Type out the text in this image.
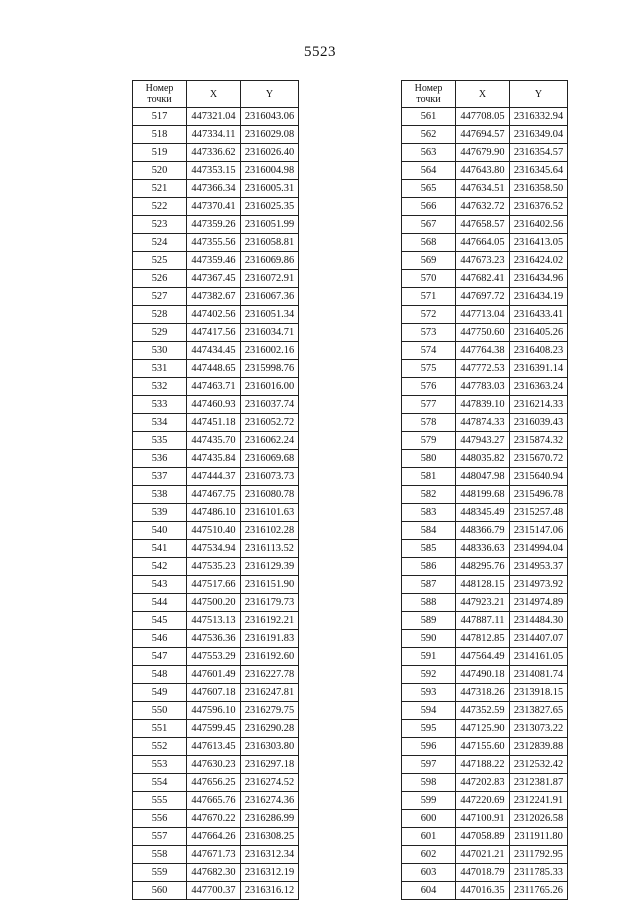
5523
Номер
точки	X	Y
517	447321.04	2316043.06
518	447334.11	2316029.08
519	447336.62	2316026.40
520	447353.15	2316004.98
521	447366.34	2316005.31
522	447370.41	2316025.35
523	447359.26	2316051.99
524	447355.56	2316058.81
525	447359.46	2316069.86
526	447367.45	2316072.91
527	447382.67	2316067.36
528	447402.56	2316051.34
529	447417.56	2316034.71
530	447434.45	2316002.16
531	447448.65	2315998.76
532	447463.71	2316016.00
533	447460.93	2316037.74
534	447451.18	2316052.72
535	447435.70	2316062.24
536	447435.84	2316069.68
537	447444.37	2316073.73
538	447467.75	2316080.78
539	447486.10	2316101.63
540	447510.40	2316102.28
541	447534.94	2316113.52
542	447535.23	2316129.39
543	447517.66	2316151.90
544	447500.20	2316179.73
545	447513.13	2316192.21
546	447536.36	2316191.83
547	447553.29	2316192.60
548	447601.49	2316227.78
549	447607.18	2316247.81
550	447596.10	2316279.75
551	447599.45	2316290.28
552	447613.45	2316303.80
553	447630.23	2316297.18
554	447656.25	2316274.52
555	447665.76	2316274.36
556	447670.22	2316286.99
557	447664.26	2316308.25
558	447671.73	2316312.34
559	447682.30	2316312.19
560	447700.37	2316316.12
Номер
точки	X	Y
561	447708.05	2316332.94
562	447694.57	2316349.04
563	447679.90	2316354.57
564	447643.80	2316345.64
565	447634.51	2316358.50
566	447632.72	2316376.52
567	447658.57	2316402.56
568	447664.05	2316413.05
569	447673.23	2316424.02
570	447682.41	2316434.96
571	447697.72	2316434.19
572	447713.04	2316433.41
573	447750.60	2316405.26
574	447764.38	2316408.23
575	447772.53	2316391.14
576	447783.03	2316363.24
577	447839.10	2316214.33
578	447874.33	2316039.43
579	447943.27	2315874.32
580	448035.82	2315670.72
581	448047.98	2315640.94
582	448199.68	2315496.78
583	448345.49	2315257.48
584	448366.79	2315147.06
585	448336.63	2314994.04
586	448295.76	2314953.37
587	448128.15	2314973.92
588	447923.21	2314974.89
589	447887.11	2314484.30
590	447812.85	2314407.07
591	447564.49	2314161.05
592	447490.18	2314081.74
593	447318.26	2313918.15
594	447352.59	2313827.65
595	447125.90	2313073.22
596	447155.60	2312839.88
597	447188.22	2312532.42
598	447202.83	2312381.87
599	447220.69	2312241.91
600	447100.91	2312026.58
601	447058.89	2311911.80
602	447021.21	2311792.95
603	447018.79	2311785.33
604	447016.35	2311765.26
